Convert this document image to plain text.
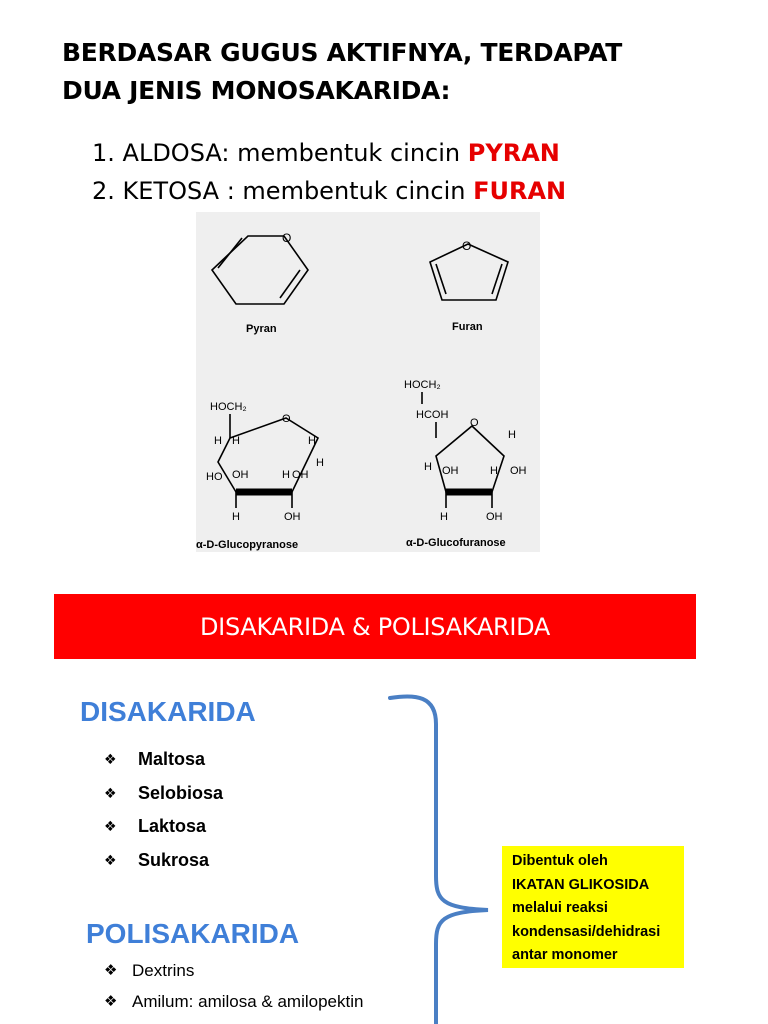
BERDASAR GUGUS AKTIFNYA, TERDAPAT
DUA JENIS MONOSAKARIDA:
1. ALDOSA: membentuk cincin PYRAN
2. KETOSA : membentuk cincin FURAN
O
Pyran
O
Furan
HOCH₂
O
H H	H
HO OH	H OH
H
H	OH
α-D-Glucopyranose
HOCH₂
HCOH
O
H
H OH	H OH
H	OH
α-D-Glucofuranose
DISAKARIDA & POLISAKARIDA
DISAKARIDA
❖ Maltosa
❖ Selobiosa
❖ Laktosa
❖ Sukrosa
POLISAKARIDA
❖ Dextrins
❖ Amilum: amilosa & amilopektin
Dibentuk oleh
IKATAN GLIKOSIDA
melalui reaksi
kondensasi/dehidrasi
antar monomer
